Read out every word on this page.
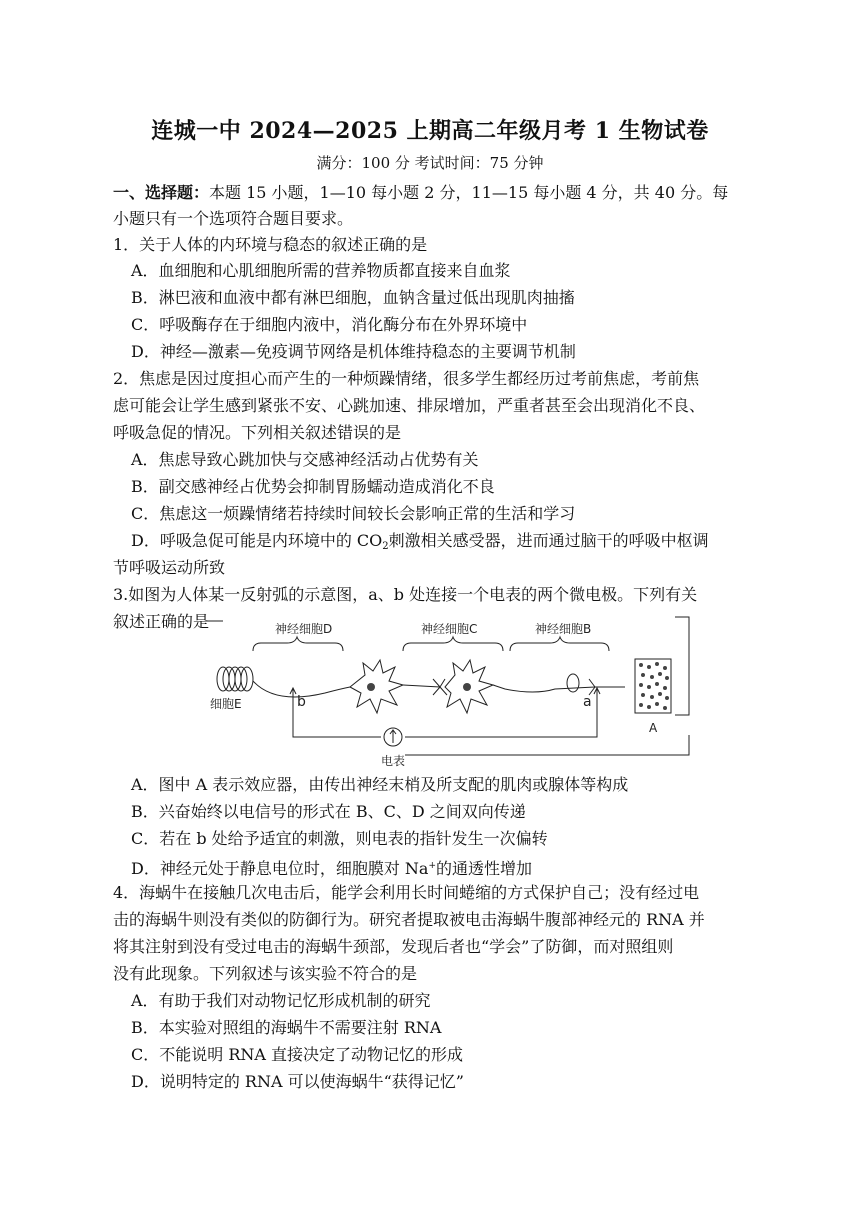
连城一中 2024—2025 上期高二年级月考 1 生物试卷
满分：100 分 考试时间：75 分钟
一、选择题：本题 15 小题，1—10 每小题 2 分，11—15 每小题 4 分，共 40 分。每
小题只有一个选项符合题目要求。
1．关于人体的内环境与稳态的叙述正确的是
A．血细胞和心肌细胞所需的营养物质都直接来自血浆
B．淋巴液和血液中都有淋巴细胞，血钠含量过低出现肌肉抽搐
C．呼吸酶存在于细胞内液中，消化酶分布在外界环境中
D．神经—激素—免疫调节网络是机体维持稳态的主要调节机制
2．焦虑是因过度担心而产生的一种烦躁情绪，很多学生都经历过考前焦虑，考前焦
虑可能会让学生感到紧张不安、心跳加速、排尿增加，严重者甚至会出现消化不良、
呼吸急促的情况。下列相关叙述错误的是
A．焦虑导致心跳加快与交感神经活动占优势有关
B．副交感神经占优势会抑制胃肠蠕动造成消化不良
C．焦虑这一烦躁情绪若持续时间较长会影响正常的生活和学习
D．呼吸急促可能是内环境中的 $CO_2$刺激相关感受器，进而通过脑干的呼吸中枢调
节呼吸运动所致
3.如图为人体某一反射弧的示意图，a、b 处连接一个电表的两个微电极。下列有关
叙述正确的是	神经细胞D	神经细胞C	神经细胞B
细胞E	b	a
A
电表
A．图中 A 表示效应器，由传出神经末梢及所支配的肌肉或腺体等构成
B．兴奋始终以电信号的形式在 B、C、D 之间双向传递
C．若在 b 处给予适宜的刺激，则电表的指针发生一次偏转
D．神经元处于静息电位时，细胞膜对 Na+的通透性增加
4．海蜗牛在接触几次电击后，能学会利用长时间蜷缩的方式保护自己；没有经过电
击的海蜗牛则没有类似的防御行为。研究者提取被电击海蜗牛腹部神经元的 RNA 并
将其注射到没有受过电击的海蜗牛颈部，发现后者也“学会”了防御，而对照组则
没有此现象。下列叙述与该实验不符合的是
A．有助于我们对动物记忆形成机制的研究
B．本实验对照组的海蜗牛不需要注射 RNA
C．不能说明 RNA 直接决定了动物记忆的形成
D．说明特定的 RNA 可以使海蜗牛“获得记忆”
